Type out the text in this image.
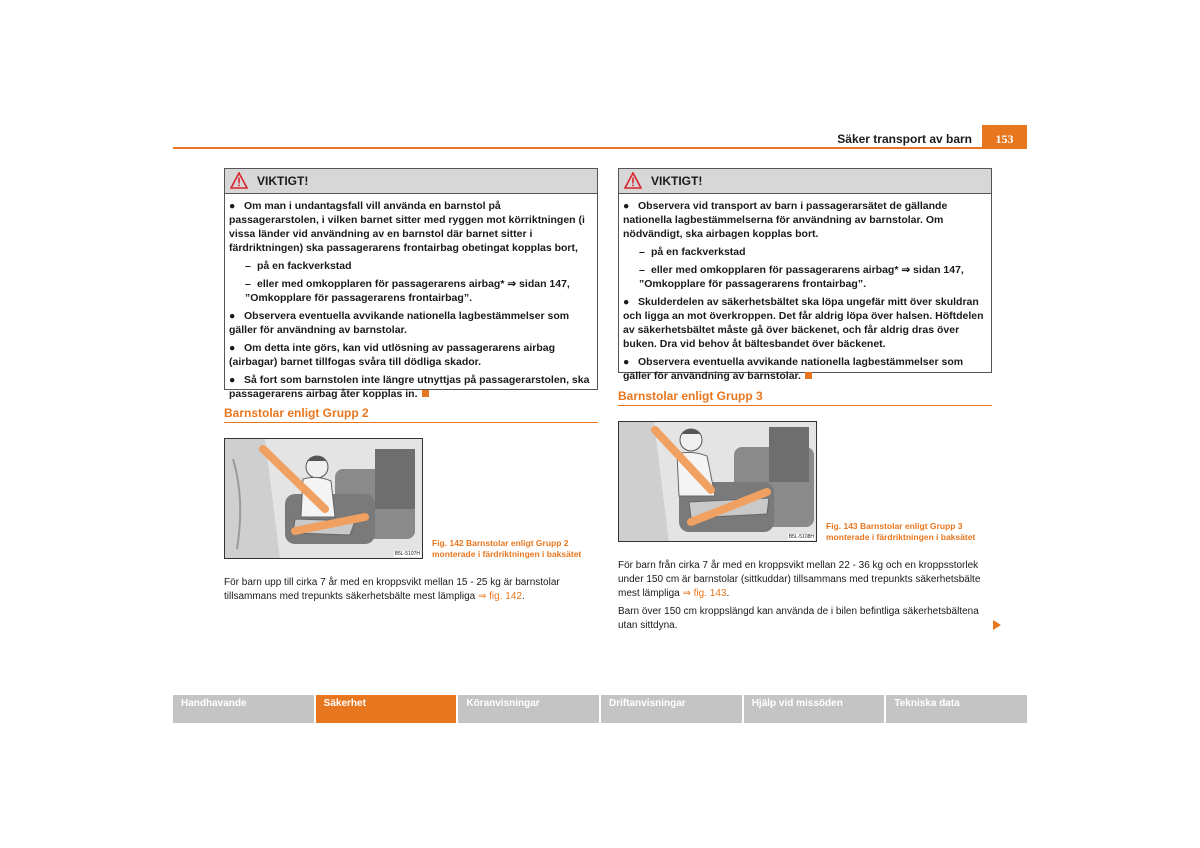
Säker transport av barn	153
VIKTIGT!

● Om man i undantagsfall vill använda en barnstol på passagerarstolen, i vilken barnet sitter med ryggen mot körriktningen (i vissa länder vid användning av en barnstol där barnet sitter i färdriktningen) ska passagerarens frontairbag obetingat kopplas bort,

– på en fackverkstad
– eller med omkopplaren för passagerarens airbag* ⇒ sidan 147, ”Omkopplare för passagerarens frontairbag”.

● Observera eventuella avvikande nationella lagbestämmelser som gäller för användning av barnstolar.

● Om detta inte görs, kan vid utlösning av passagerarens airbag (airbagar) barnet tillfogas svåra till dödliga skador.

● Så fort som barnstolen inte längre utnyttjas på passagerarstolen, ska passagerarens airbag åter kopplas in.

Barnstolar enligt Grupp 2
B5L-5107H
Fig. 142 Barnstolar enligt Grupp 2
monterade i färdriktningen i baksätet

För barn upp till cirka 7 år med en kroppsvikt mellan 15 - 25 kg är barnstolar tillsammans med trepunkts säkerhetsbälte mest lämpliga ⇒ fig. 142.

VIKTIGT!

● Observera vid transport av barn i passagerarsätet de gällande nationella lagbestämmelserna för användning av barnstolar. Om nödvändigt, ska airbagen kopplas bort.

– på en fackverkstad
– eller med omkopplaren för passagerarens airbag* ⇒ sidan 147, ”Omkopplare för passagerarens frontairbag”.

● Skulderdelen av säkerhetsbältet ska löpa ungefär mitt över skuldran och ligga an mot överkroppen. Det får aldrig löpa över halsen. Höftdelen av säkerhetsbältet måste gå över bäckenet, och får aldrig dras över buken. Dra vid behov åt bältesbandet över bäckenet.

● Observera eventuella avvikande nationella lagbestämmelser som gäller för användning av barnstolar.

Barnstolar enligt Grupp 3
B5L-5108H
Fig. 143 Barnstolar enligt Grupp 3
monterade i färdriktningen i baksätet

För barn från cirka 7 år med en kroppsvikt mellan 22 - 36 kg och en kroppsstorlek under 150 cm är barnstolar (sittkuddar) tillsammans med trepunkts säkerhetsbälte mest lämpliga ⇒ fig. 143.

Barn över 150 cm kroppslängd kan använda de i bilen befintliga säkerhetsbältena utan sittdyna.

Handhavande	Säkerhet	Köranvisningar	Driftanvisningar	Hjälp vid missöden	Tekniska data
